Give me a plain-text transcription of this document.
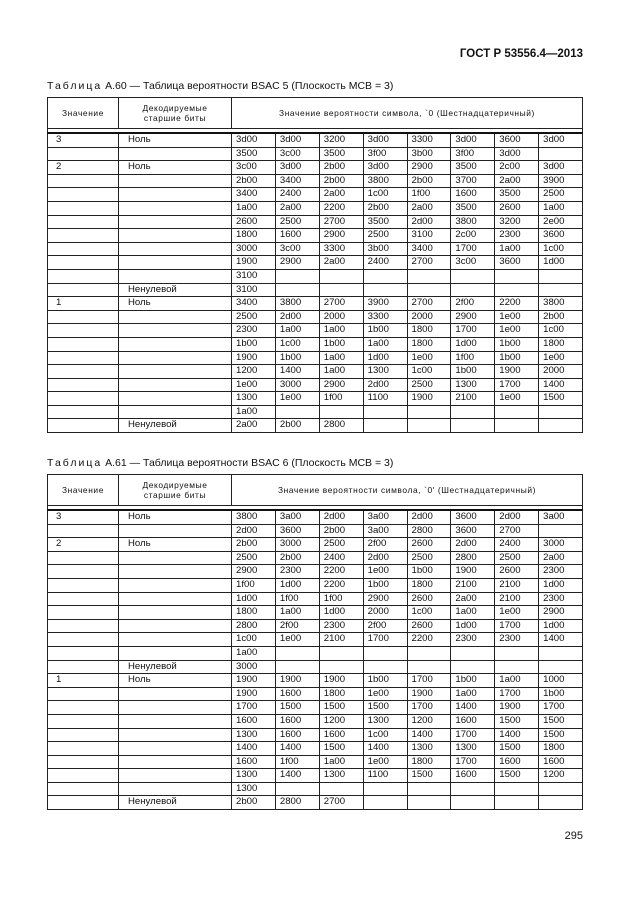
ГОСТ Р 53556.4—2013
Таблица А.60 — Таблица вероятности BSAC 5 (Плоскость MCB = 3)
Значение	Декодируемые старшие биты	Значение вероятности символа, `0 (Шестнадцатеричный)							

3	Ноль	3d00	3d00	3200	3d00	3300	3d00	3600	3d00
		3500	3c00	3500	3f00	3b00	3f00	3d00	
2	Ноль	3c00	3d00	2b00	3d00	2900	3500	2c00	3d00
		2b00	3400	2b00	3800	2b00	3700	2a00	3900
		3400	2400	2a00	1c00	1f00	1600	3500	2500
		1a00	2a00	2200	2b00	2a00	3500	2600	1a00
		2600	2500	2700	3500	2d00	3800	3200	2e00
		1800	1600	2900	2500	3100	2c00	2300	3600
		3000	3c00	3300	3b00	3400	1700	1a00	1c00
		1900	2900	2a00	2400	2700	3c00	3600	1d00
		3100							
	Ненулевой	3100							
1	Ноль	3400	3800	2700	3900	2700	2f00	2200	3800
		2500	2d00	2000	3300	2000	2900	1e00	2b00
		2300	1a00	1a00	1b00	1800	1700	1e00	1c00
		1b00	1c00	1b00	1a00	1800	1d00	1b00	1800
		1900	1b00	1a00	1d00	1e00	1f00	1b00	1e00
		1200	1400	1a00	1300	1c00	1b00	1900	2000
		1e00	3000	2900	2d00	2500	1300	1700	1400
		1300	1e00	1f00	1100	1900	2100	1e00	1500
		1a00							
	Ненулевой	2a00	2b00	2800					
Таблица А.61 — Таблица вероятности BSAC 6 (Плоскость MCB = 3)
Значение	Декодируемые старшие биты	Значение вероятности символа, `0' (Шестнадцатеричный)							

3	Ноль	3800	3a00	2d00	3a00	2d00	3600	2d00	3a00
		2d00	3600	2b00	3a00	2800	3600	2700	
2	Ноль	2b00	3000	2500	2f00	2600	2d00	2400	3000
		2500	2b00	2400	2d00	2500	2800	2500	2a00
		2900	2300	2200	1e00	1b00	1900	2600	2300
		1f00	1d00	2200	1b00	1800	2100	2100	1d00
		1d00	1f00	1f00	2900	2600	2a00	2100	2300
		1800	1a00	1d00	2000	1c00	1a00	1e00	2900
		2800	2f00	2300	2f00	2600	1d00	1700	1d00
		1c00	1e00	2100	1700	2200	2300	2300	1400
		1a00							
	Ненулевой	3000							
1	Ноль	1900	1900	1900	1b00	1700	1b00	1a00	1000
		1900	1600	1800	1e00	1900	1a00	1700	1b00
		1700	1500	1500	1500	1700	1400	1900	1700
		1600	1600	1200	1300	1200	1600	1500	1500
		1300	1600	1600	1c00	1400	1700	1400	1500
		1400	1400	1500	1400	1300	1300	1500	1800
		1600	1f00	1a00	1e00	1800	1700	1600	1600
		1300	1400	1300	1100	1500	1600	1500	1200
		1300							
	Ненулевой	2b00	2800	2700					
295
